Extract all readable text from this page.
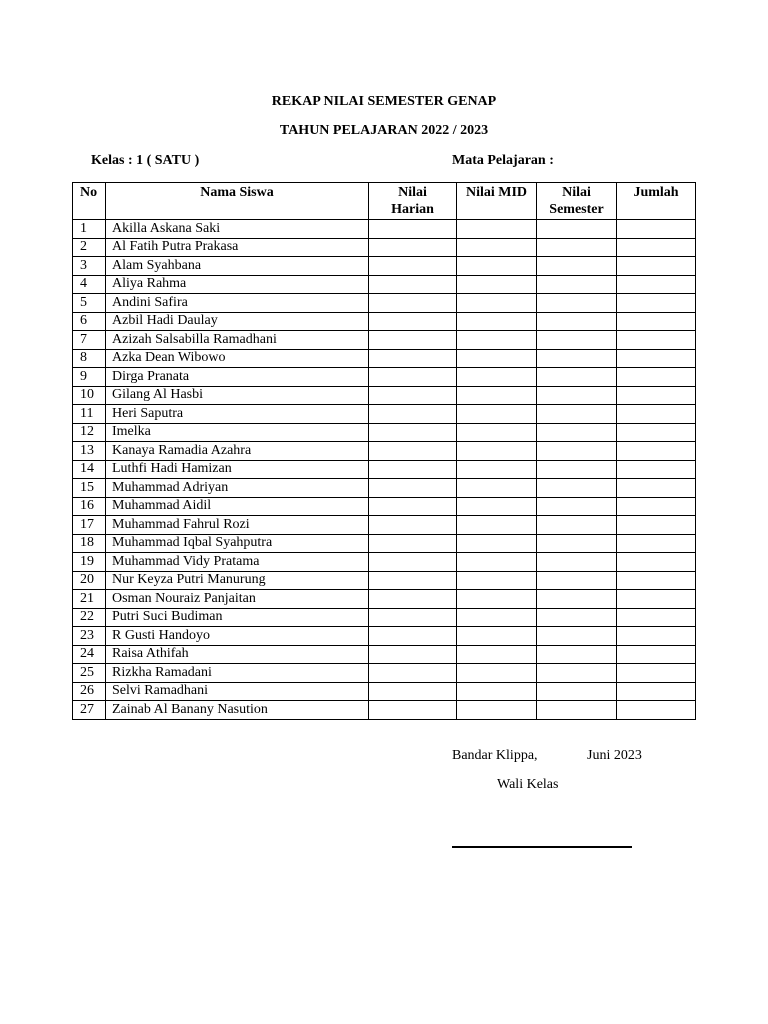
REKAP NILAI SEMESTER GENAP
TAHUN PELAJARAN 2022 / 2023
Kelas : 1 ( SATU )	Mata Pelajaran :
No	Nama Siswa	Nilai Harian	Nilai MID	Nilai Semester	Jumlah
1	Akilla Askana Saki				
2	Al Fatih Putra Prakasa				
3	Alam Syahbana				
4	Aliya Rahma				
5	Andini Safira				
6	Azbil Hadi Daulay				
7	Azizah Salsabilla Ramadhani				
8	Azka Dean Wibowo				
9	Dirga Pranata				
10	Gilang Al Hasbi				
11	Heri Saputra				
12	Imelka				
13	Kanaya Ramadia Azahra				
14	Luthfi Hadi Hamizan				
15	Muhammad Adriyan				
16	Muhammad Aidil				
17	Muhammad Fahrul Rozi				
18	Muhammad Iqbal Syahputra				
19	Muhammad Vidy Pratama				
20	Nur Keyza Putri Manurung				
21	Osman Nouraiz Panjaitan				
22	Putri Suci Budiman				
23	R Gusti Handoyo				
24	Raisa Athifah				
25	Rizkha Ramadani				
26	Selvi Ramadhani				
27	Zainab Al Banany Nasution				
Bandar Klippa,	Juni 2023
Wali Kelas
